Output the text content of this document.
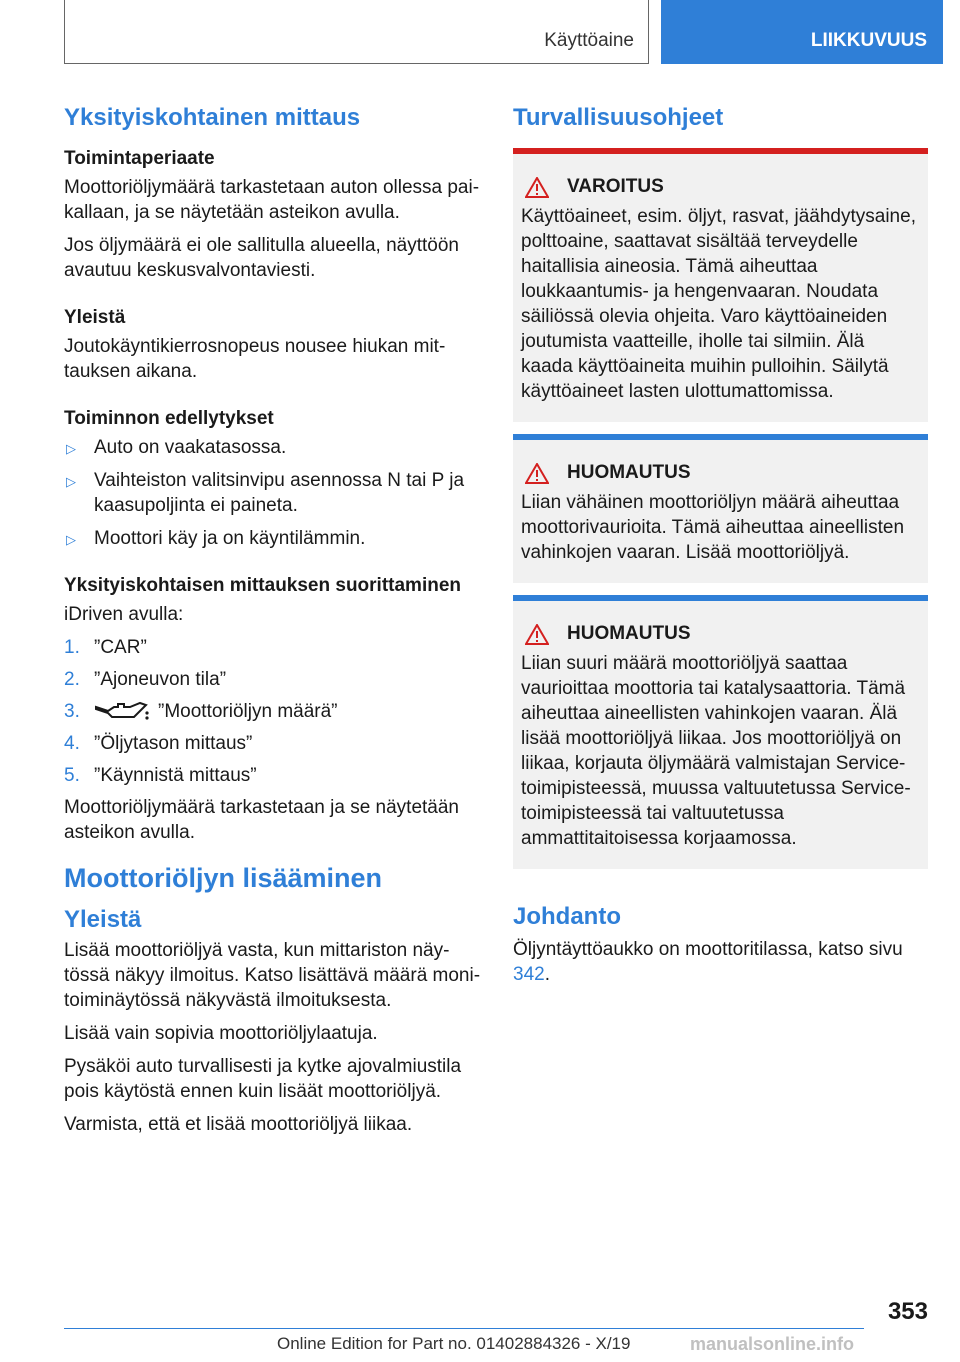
Käyttöaine	LIIKKUVUUS
Yksityiskohtainen mittaus
Toimintaperiaate

Moottoriöljymäärä tarkastetaan auton ollessa paikallaan, ja se näytetään asteikon avulla.

Jos öljymäärä ei ole sallitulla alueella, näyttöön avautuu keskusvalvontaviesti.

Yleistä

Joutokäyntikierrosnopeus nousee hiukan mittauksen aikana.

Toiminnon edellytykset
▷ Auto on vaakatasossa.
▷ Vaihteiston valitsinvipu asennossa N tai P ja kaasupoljinta ei paineta.
▷ Moottori käy ja on käyntilämmin.
Yksityiskohtaisen mittauksen suorittaminen

iDriven avulla:

1. ”CAR”
2. ”Ajoneuvon tila”
3.	”Moottoriöljyn määrä”
4. ”Öljytason mittaus”
5. ”Käynnistä mittaus”

Moottoriöljymäärä tarkastetaan ja se näytetään asteikon avulla.

Moottoriöljyn lisääminen
Yleistä

Lisää moottoriöljyä vasta, kun mittariston näytössä näkyy ilmoitus. Katso lisättävä määrä monitoiminäytössä näkyvästä ilmoituksesta.

Lisää vain sopivia moottoriöljylaatuja.

Pysäköi auto turvallisesti ja kytke ajovalmiustila pois käytöstä ennen kuin lisäät moottoriöljyä.

Varmista, että et lisää moottoriöljyä liikaa.

Turvallisuusohjeet
VAROITUS

Käyttöaineet, esim. öljyt, rasvat, jäähdytysaine, polttoaine, saattavat sisältää terveydelle haitallisia aineosia. Tämä aiheuttaa loukkaantumis- ja hengenvaaran. Noudata säiliössä olevia ohjeita. Varo käyttöaineiden joutumista vaatteille, iholle tai silmiin. Älä kaada käyttöaineita muihin pulloihin. Säilytä käyttöaineet lasten ulottumattomissa.

HUOMAUTUS

Liian vähäinen moottoriöljyn määrä aiheuttaa moottorivaurioita. Tämä aiheuttaa aineellisten vahinkojen vaaran. Lisää moottoriöljyä.

HUOMAUTUS

Liian suuri määrä moottoriöljyä saattaa vaurioittaa moottoria tai katalysaattoria. Tämä aiheuttaa aineellisten vahinkojen vaaran. Älä lisää moottoriöljyä liikaa. Jos moottoriöljyä on liikaa, korjauta öljymäärä valmistajan Service-toimipisteessä, muussa valtuutetussa Service-toimipisteessä tai valtuutetussa ammattitaitoisessa korjaamossa.

Johdanto

Öljyntäyttöaukko on moottoritilassa, katso sivu 342.

353
Online Edition for Part no. 01402884326 - X/19	manualsonline.info
